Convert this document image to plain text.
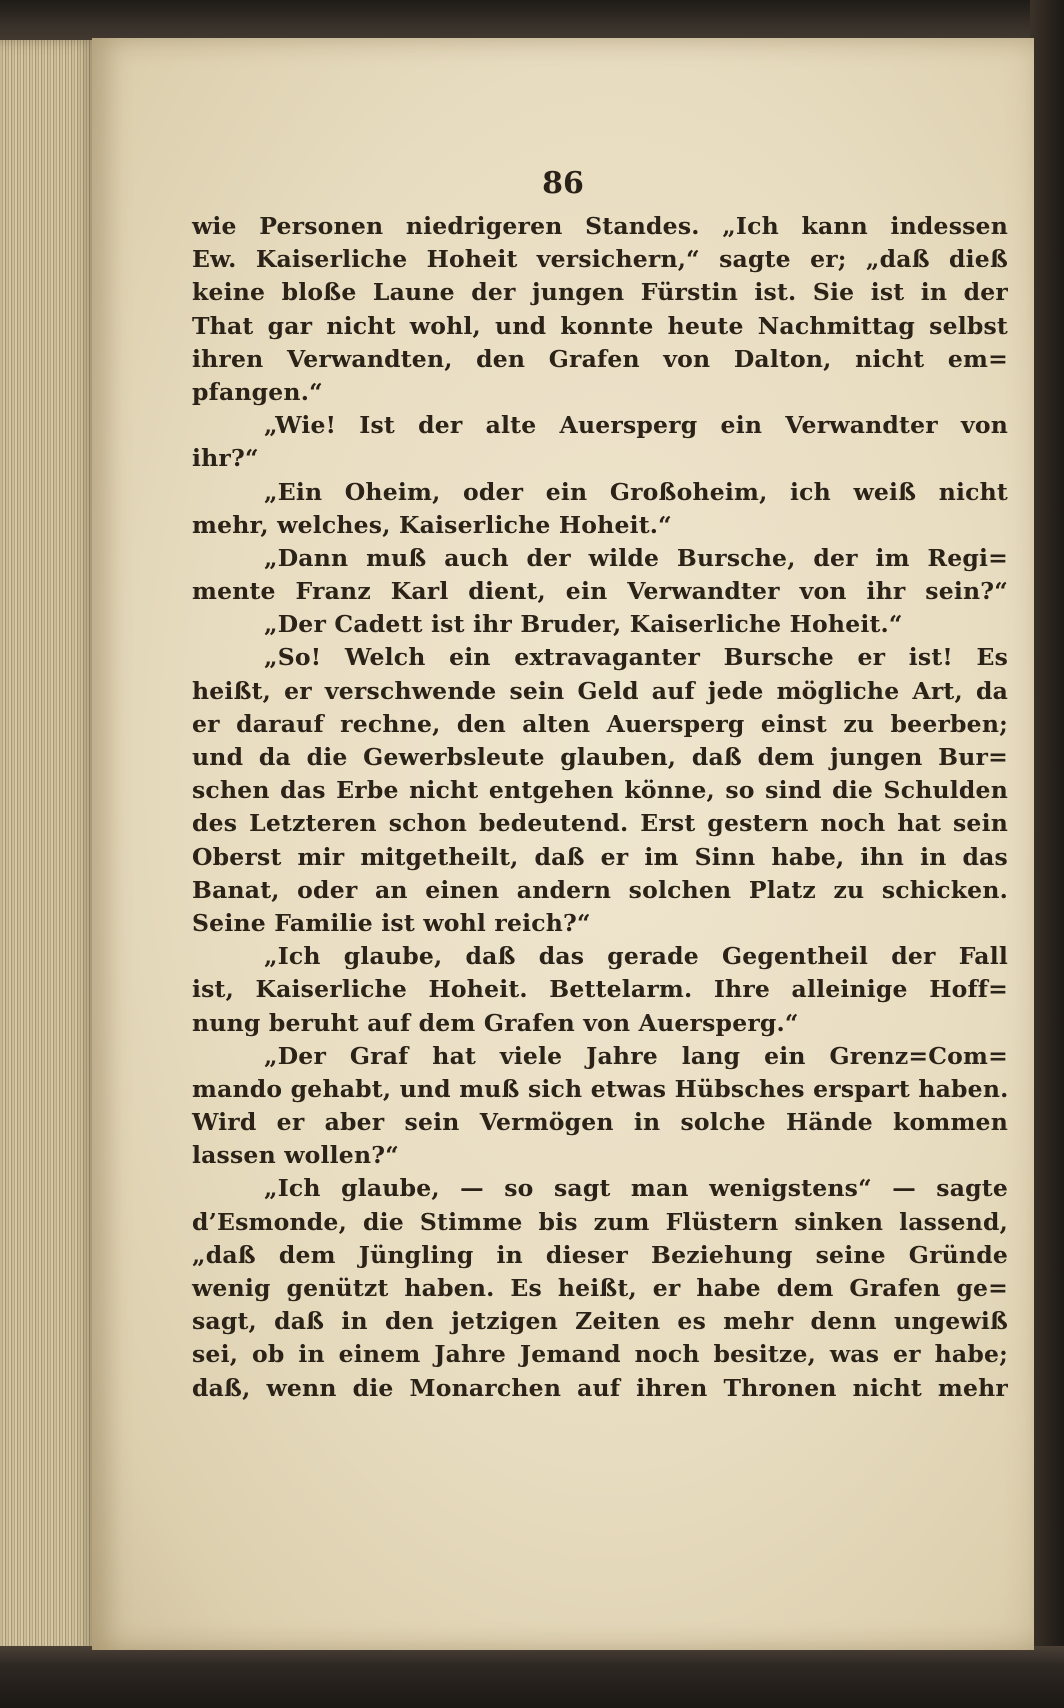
86

wie Personen niedrigeren Standes. „Ich kann indessen

Ew. Kaiserliche Hoheit versichern,“ sagte er; „daß dieß

keine bloße Laune der jungen Fürstin ist. Sie ist in der

That gar nicht wohl, und konnte heute Nachmittag selbst

ihren Verwandten, den Grafen von Dalton, nicht em=

pfangen.“

„Wie! Ist der alte Auersperg ein Verwandter von

ihr?“

„Ein Oheim, oder ein Großoheim, ich weiß nicht

mehr, welches, Kaiserliche Hoheit.“

„Dann muß auch der wilde Bursche, der im Regi=

mente Franz Karl dient, ein Verwandter von ihr sein?“

„Der Cadett ist ihr Bruder, Kaiserliche Hoheit.“

„So! Welch ein extravaganter Bursche er ist! Es

heißt, er verschwende sein Geld auf jede mögliche Art, da

er darauf rechne, den alten Auersperg einst zu beerben;

und da die Gewerbsleute glauben, daß dem jungen Bur=

schen das Erbe nicht entgehen könne, so sind die Schulden

des Letzteren schon bedeutend. Erst gestern noch hat sein

Oberst mir mitgetheilt, daß er im Sinn habe, ihn in das

Banat, oder an einen andern solchen Platz zu schicken.

Seine Familie ist wohl reich?“

„Ich glaube, daß das gerade Gegentheil der Fall

ist, Kaiserliche Hoheit. Bettelarm. Ihre alleinige Hoff=

nung beruht auf dem Grafen von Auersperg.“

„Der Graf hat viele Jahre lang ein Grenz=Com=

mando gehabt, und muß sich etwas Hübsches erspart haben.

Wird er aber sein Vermögen in solche Hände kommen

lassen wollen?“

„Ich glaube, — so sagt man wenigstens“ — sagte

d’Esmonde, die Stimme bis zum Flüstern sinken lassend,

„daß dem Jüngling in dieser Beziehung seine Gründe

wenig genützt haben. Es heißt, er habe dem Grafen ge=

sagt, daß in den jetzigen Zeiten es mehr denn ungewiß

sei, ob in einem Jahre Jemand noch besitze, was er habe;

daß, wenn die Monarchen auf ihren Thronen nicht mehr
